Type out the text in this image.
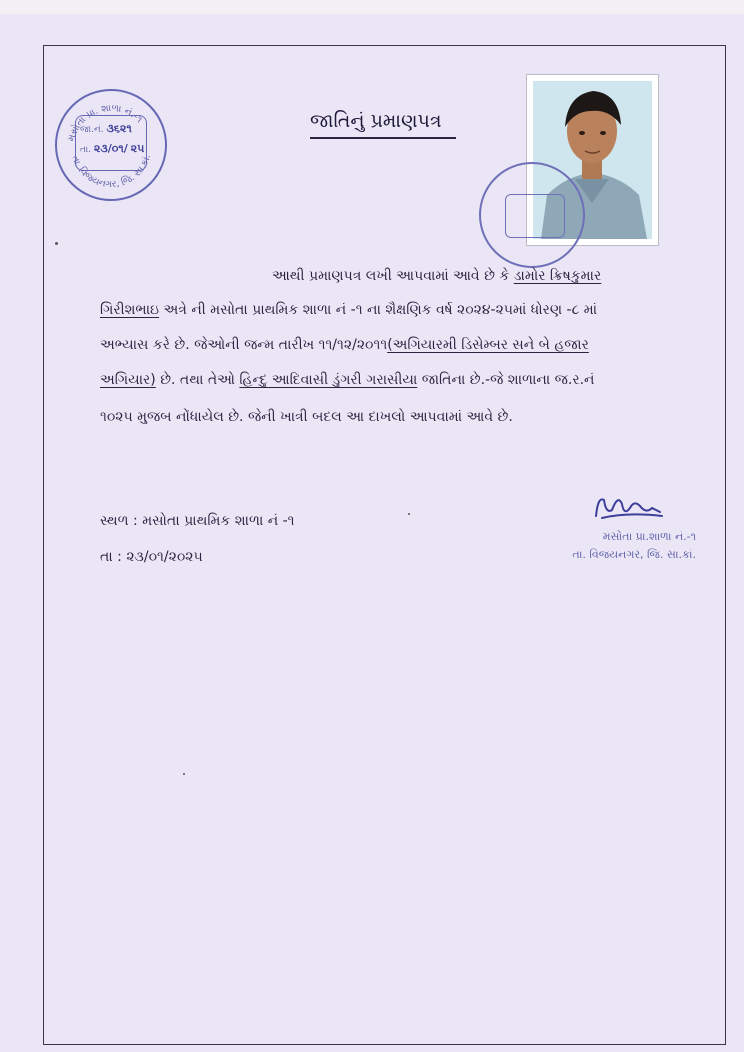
મસોતા પ્રા. શાળા નં.-૧
તા. વિજયનગર, જિ. સા.કાં.
જા.નં. ૩૬૨૧
તા. ૨૩/૦૧/ ૨૫
જાતિનું પ્રમાણપત્ર
આથી પ્રમાણપત્ર લખી આપવામાં આવે છે કે ડામોર ક્રિષકુમાર
ગિરીશભાઇ અત્રે ની મસોતા પ્રાથમિક શાળા નં -૧ ના શૈક્ષણિક વર્ષ ૨૦૨૪-૨૫માં ધોરણ -૮ માં
અભ્યાસ કરે છે. જેઓની જન્મ તારીખ ૧૧/૧૨/૨૦૧૧(અગિયારમી ડિસેમ્બર સને બે હજાર
અગિયાર) છે. તથા તેઓ હિન્દુ આદિવાસી ડુંગરી ગરાસીયા જાતિના છે.-જે શાળાના જ.ર.નં
૧૦૨૫ મુજબ નોંધાયેલ છે. જેની ખાત્રી બદલ આ દાખલો આપવામાં આવે છે.
સ્થળ : મસોતા પ્રાથમિક શાળા નં -૧
તા : ૨૩/૦૧/૨૦૨૫
મસોતા પ્રા.શાળા નં.-૧
તા. વિજયનગર, જિ. સા.કાં.
